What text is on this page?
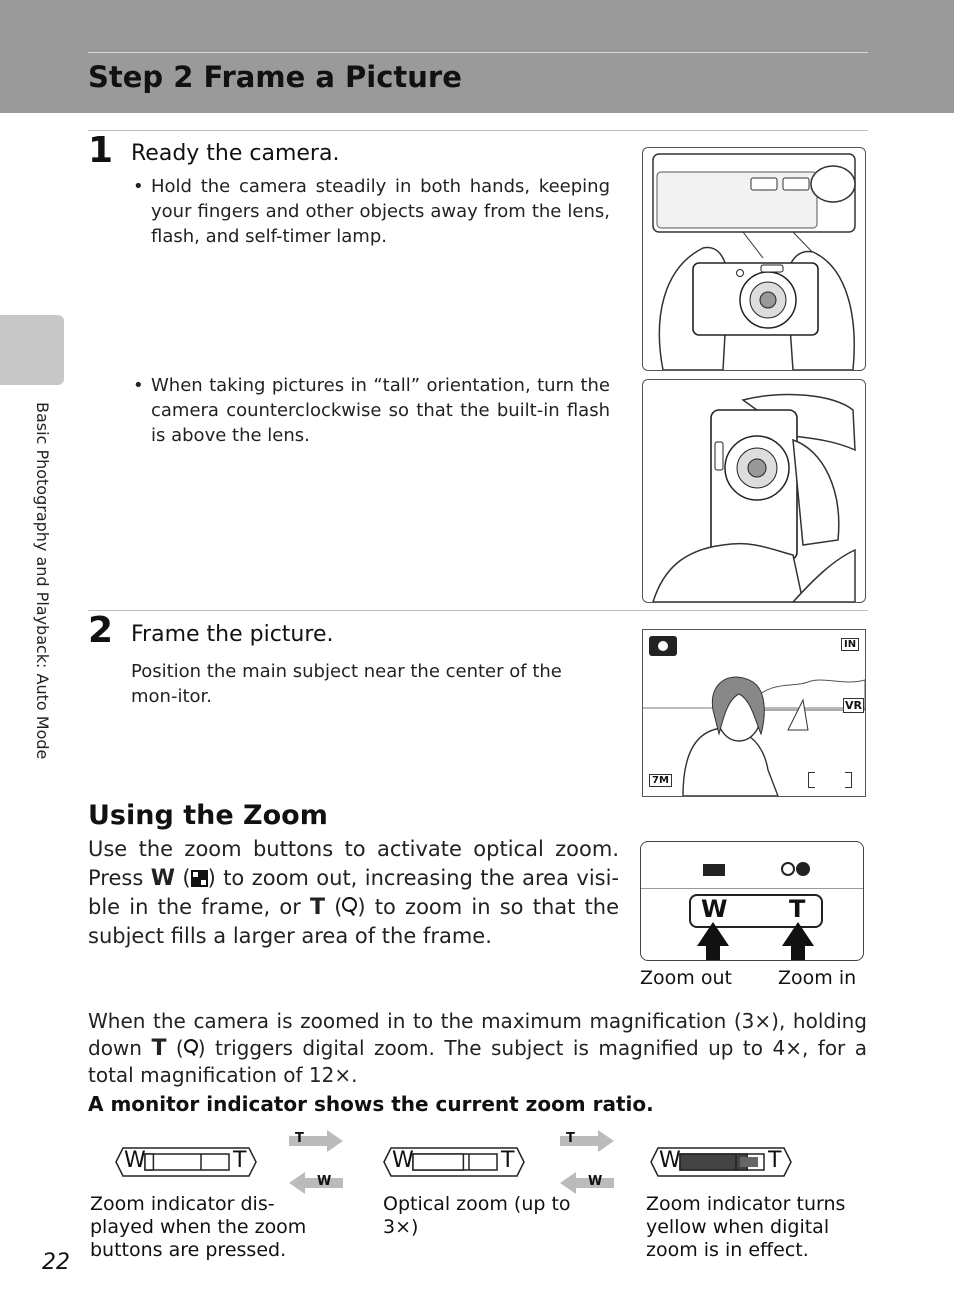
Step 2 Frame a Picture
Basic Photography and Playback: Auto Mode
1 Ready the camera.
• Hold the camera steadily in both hands, keeping your fingers and other objects away from the lens, flash, and self-timer lamp.
• When taking pictures in “tall” orientation, turn the camera counterclockwise so that the built-in flash is above the lens.
2 Frame the picture.
Position the main subject near the center of the mon-itor.
IN
VR
7M
Using the Zoom
Use the zoom buttons to activate optical zoom. Press W ( ) to zoom out, increasing the area visi-ble in the frame, or T ( ) to zoom in so that the subject fills a larger area of the frame.
W	T
Zoom out Zoom in
When the camera is zoomed in to the maximum magnification (3×), holding down T ( ) triggers digital zoom. The subject is magnified up to 4×, for a total magnification of 12×.
A monitor indicator shows the current zoom ratio.
W	T	W	T	W	T
T
W
T
W
Zoom indicator dis-played when the zoom buttons are pressed.
Optical zoom (up to 3×)
Zoom indicator turns yellow when digital zoom is in effect.
22
